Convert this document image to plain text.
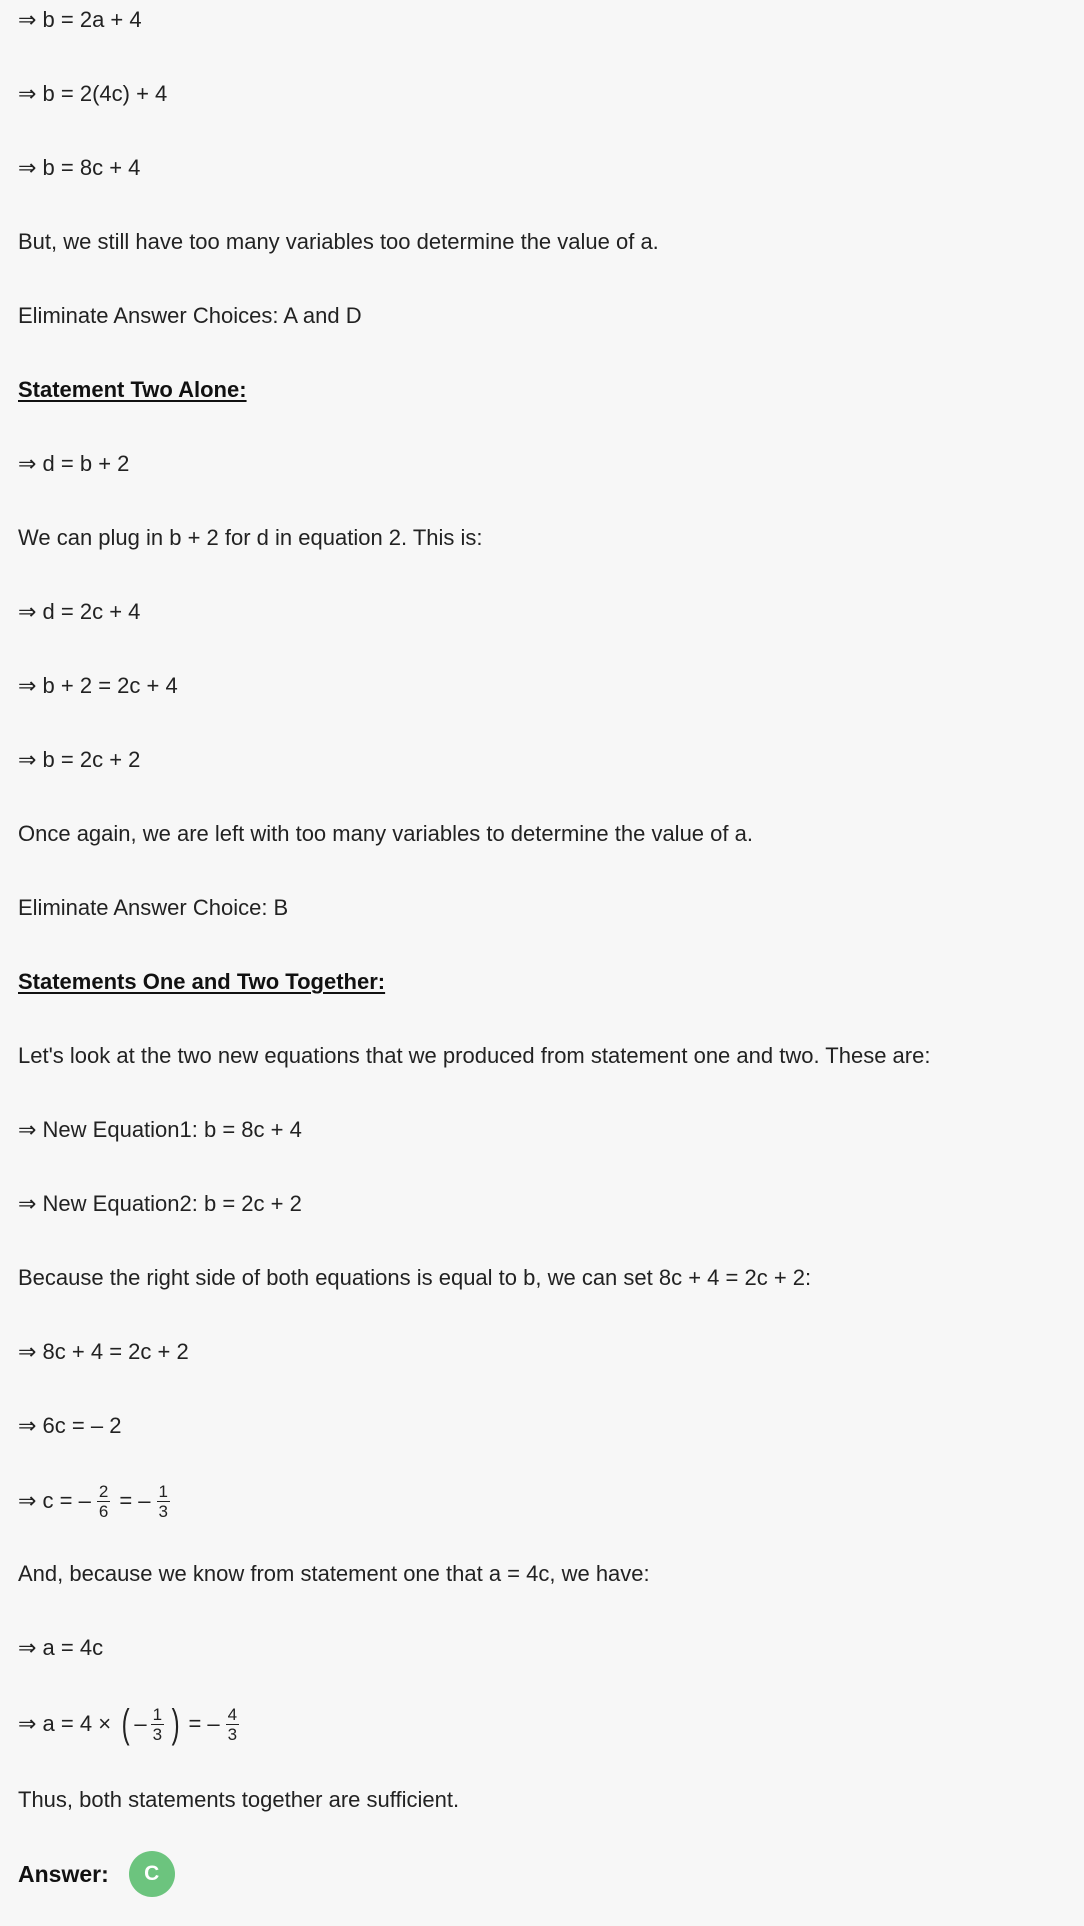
⇒ b = 2a + 4
⇒ b = 2(4c) + 4
⇒ b = 8c + 4
But, we still have too many variables too determine the value of a.
Eliminate Answer Choices: A and D
Statement Two Alone:
⇒ d = b + 2
We can plug in b + 2 for d in equation 2. This is:
⇒ d = 2c + 4
⇒ b + 2 = 2c + 4
⇒ b = 2c + 2
Once again, we are left with too many variables to determine the value of a.
Eliminate Answer Choice: B
Statements One and Two Together:
Let's look at the two new equations that we produced from statement one and two. These are:
⇒ New Equation1: b = 8c + 4
⇒ New Equation2: b = 2c + 2
Because the right side of both equations is equal to b, we can set 8c + 4 = 2c + 2:
⇒ 8c + 4 = 2c + 2
⇒ 6c = – 2
⇒ c = – $\frac{2}{6}$ = – $\frac{1}{3}$
And, because we know from statement one that a = 4c, we have:
⇒ a = 4c
⇒ a = 4 × ( – $\frac{1}{3}$ ) = – $\frac{4}{3}$
Thus, both statements together are sufficient.
Answer:	C
